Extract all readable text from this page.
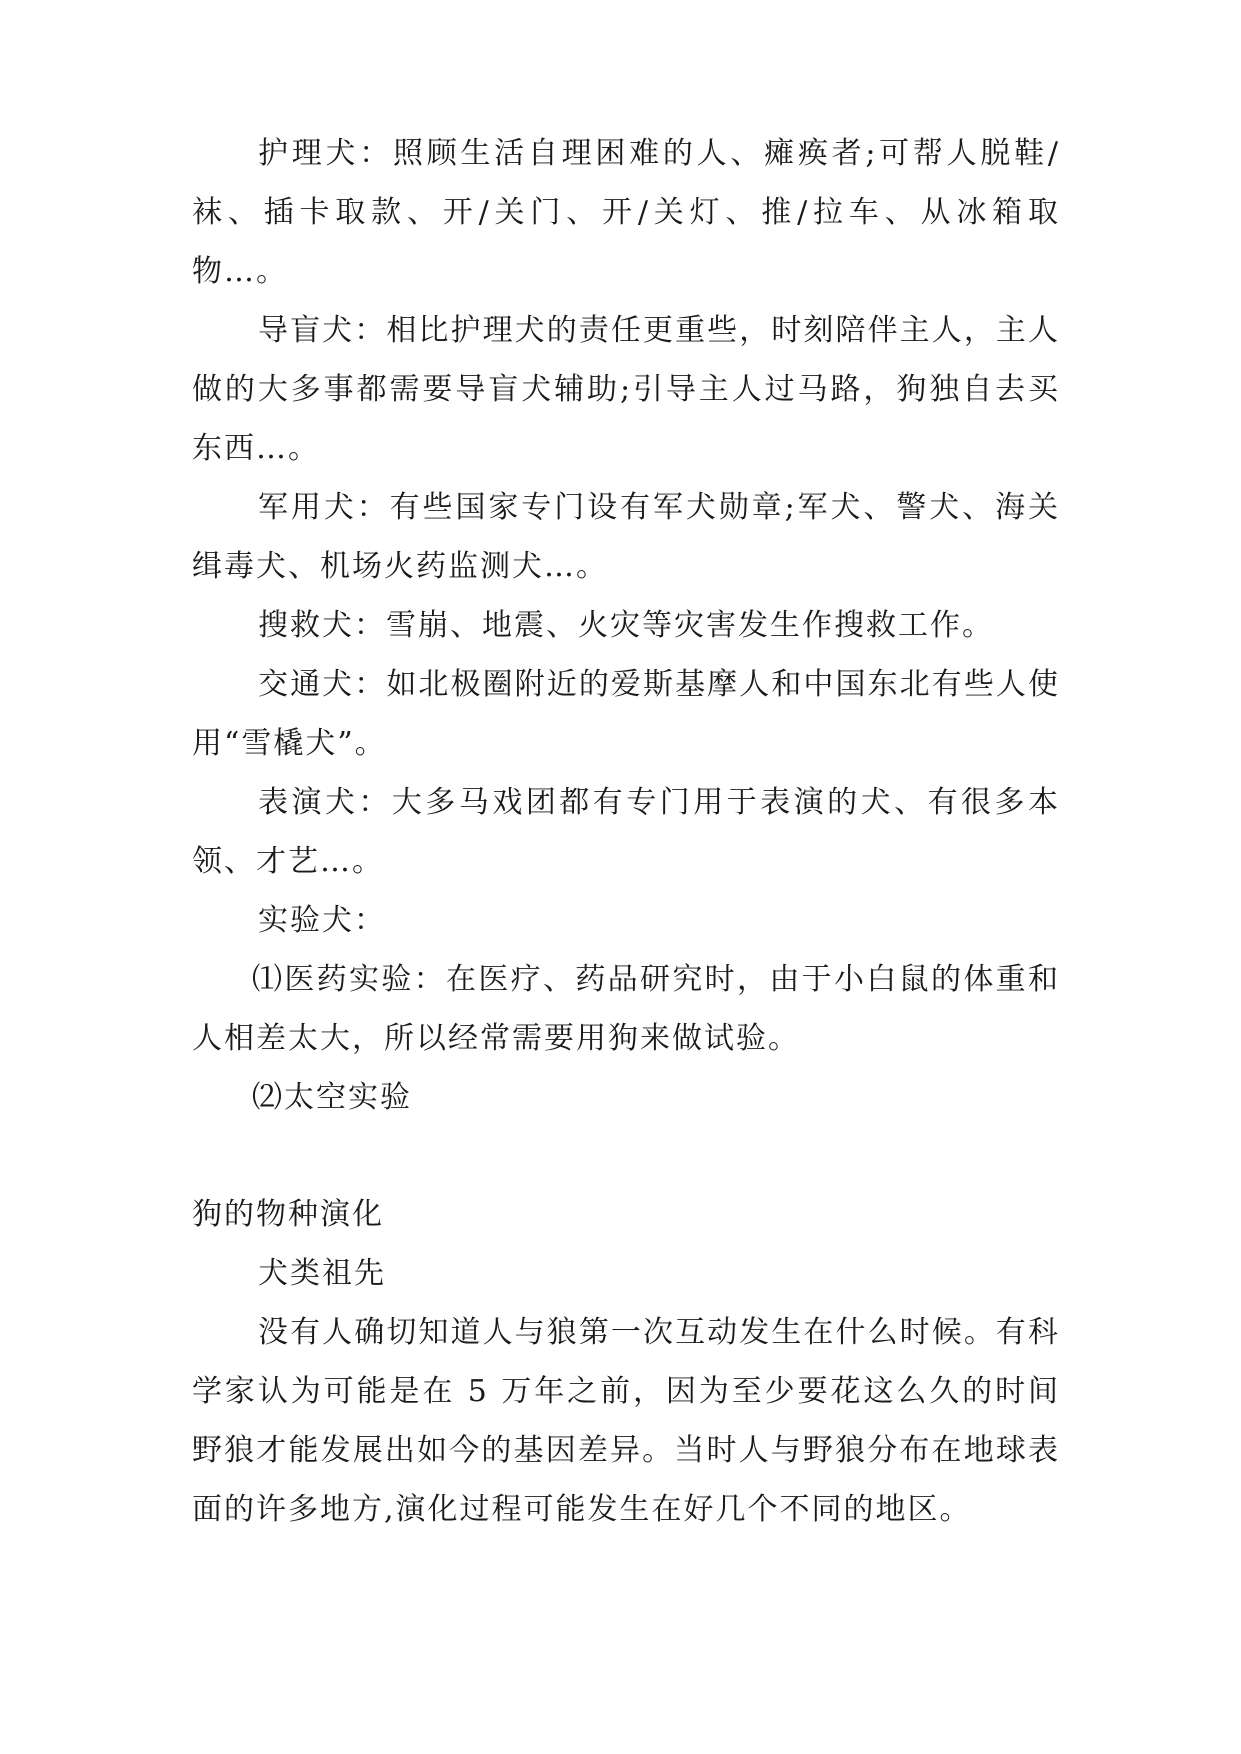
护理犬：照顾生活自理困难的人、瘫痪者;可帮人脱鞋/袜、插卡取款、开/关门、开/关灯、推/拉车、从冰箱取物…。

导盲犬：相比护理犬的责任更重些，时刻陪伴主人，主人做的大多事都需要导盲犬辅助;引导主人过马路，狗独自去买东西…。

军用犬：有些国家专门设有军犬勋章;军犬、警犬、海关缉毒犬、机场火药监测犬…。

搜救犬：雪崩、地震、火灾等灾害发生作搜救工作。

交通犬：如北极圈附近的爱斯基摩人和中国东北有些人使用“雪橇犬”。

表演犬：大多马戏团都有专门用于表演的犬、有很多本领、才艺…。

实验犬：

⑴医药实验：在医疗、药品研究时，由于小白鼠的体重和人相差太大，所以经常需要用狗来做试验。

⑵太空实验

狗的物种演化

犬类祖先

没有人确切知道人与狼第一次互动发生在什么时候。有科学家认为可能是在 5 万年之前，因为至少要花这么久的时间野狼才能发展出如今的基因差异。当时人与野狼分布在地球表面的许多地方,演化过程可能发生在好几个不同的地区。
